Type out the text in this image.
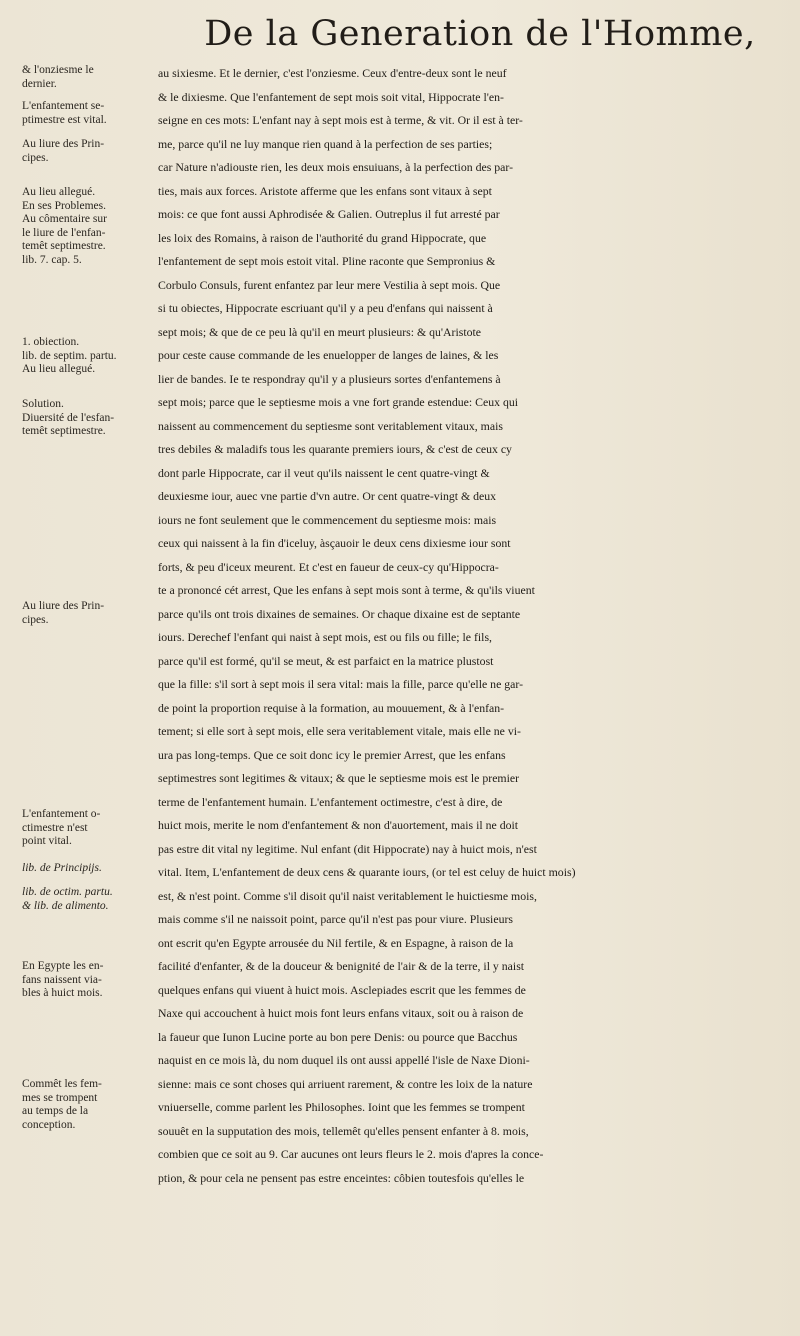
De la Generation de l'Homme,
& l'onziesme le
dernier.
L'enfantement se-
ptimestre est vital.
Au liure des Prin-
cipes.
Au lieu allegué.
En ses Problemes.
Au cômentaire sur
le liure de l'enfan-
temêt septimestre.
lib. 7. cap. 5.
1. obiection.
lib. de septim. partu.
Au lieu allegué.
Solution.
Diuersité de l'esfan-
temêt septimestre.
Au liure des Prin-
cipes.
L'enfantement o-
ctimestre n'est
point vital.
lib. de Principijs.
lib. de octim. partu.
& lib. de alimento.
En Egypte les en-
fans naissent via-
bles à huict mois.
Commêt les fem-
mes se trompent
au temps de la
conception.
au sixiesme. Et le dernier, c'est l'onziesme. Ceux d'entre-deux sont le neuf
& le dixiesme. Que l'enfantement de sept mois soit vital, Hippocrate l'en-
seigne en ces mots: L'enfant nay à sept mois est à terme, & vit. Or il est à ter-
me, parce qu'il ne luy manque rien quand à la perfection de ses parties;
car Nature n'adiouste rien, les deux mois ensuiuans, à la perfection des par-
ties, mais aux forces. Aristote afferme que les enfans sont vitaux à sept
mois: ce que font aussi Aphrodisée & Galien. Outreplus il fut arresté par
les loix des Romains, à raison de l'authorité du grand Hippocrate, que
l'enfantement de sept mois estoit vital. Pline raconte que Sempronius &
Corbulo Consuls, furent enfantez par leur mere Vestilia à sept mois. Que
si tu obiectes, Hippocrate escriuant qu'il y a peu d'enfans qui naissent à
sept mois; & que de ce peu là qu'il en meurt plusieurs: & qu'Aristote
pour ceste cause commande de les enuelopper de langes de laines, & les
lier de bandes. Ie te respondray qu'il y a plusieurs sortes d'enfantemens à
sept mois; parce que le septiesme mois a vne fort grande estendue: Ceux qui
naissent au commencement du septiesme sont veritablement vitaux, mais
tres debiles & maladifs tous les quarante premiers iours, & c'est de ceux cy
dont parle Hippocrate, car il veut qu'ils naissent le cent quatre-vingt &
deuxiesme iour, auec vne partie d'vn autre. Or cent quatre-vingt & deux
iours ne font seulement que le commencement du septiesme mois: mais
ceux qui naissent à la fin d'iceluy, àsçauoir le deux cens dixiesme iour sont
forts, & peu d'iceux meurent. Et c'est en faueur de ceux-cy qu'Hippocra-
te a prononcé cét arrest, Que les enfans à sept mois sont à terme, & qu'ils viuent
parce qu'ils ont trois dixaines de semaines. Or chaque dixaine est de septante
iours. Derechef l'enfant qui naist à sept mois, est ou fils ou fille; le fils,
parce qu'il est formé, qu'il se meut, & est parfaict en la matrice plustost
que la fille: s'il sort à sept mois il sera vital: mais la fille, parce qu'elle ne gar-
de point la proportion requise à la formation, au mouuement, & à l'enfan-
tement; si elle sort à sept mois, elle sera veritablement vitale, mais elle ne vi-
ura pas long-temps. Que ce soit donc icy le premier Arrest, que les enfans
septimestres sont legitimes & vitaux; & que le septiesme mois est le premier
terme de l'enfantement humain. L'enfantement octimestre, c'est à dire, de
huict mois, merite le nom d'enfantement & non d'auortement, mais il ne doit
pas estre dit vital ny legitime. Nul enfant (dit Hippocrate) nay à huict mois, n'est
vital. Item, L'enfantement de deux cens & quarante iours, (or tel est celuy de huict mois)
est, & n'est point. Comme s'il disoit qu'il naist veritablement le huictiesme mois,
mais comme s'il ne naissoit point, parce qu'il n'est pas pour viure. Plusieurs
ont escrit qu'en Egypte arrousée du Nil fertile, & en Espagne, à raison de la
facilité d'enfanter, & de la douceur & benignité de l'air & de la terre, il y naist
quelques enfans qui viuent à huict mois. Asclepiades escrit que les femmes de
Naxe qui accouchent à huict mois font leurs enfans vitaux, soit ou à raison de
la faueur que Iunon Lucine porte au bon pere Denis: ou pource que Bacchus
naquist en ce mois là, du nom duquel ils ont aussi appellé l'isle de Naxe Dioni-
sienne: mais ce sont choses qui arriuent rarement, & contre les loix de la nature
vniuerselle, comme parlent les Philosophes. Ioint que les femmes se trompent
souuêt en la supputation des mois, tellemêt qu'elles pensent enfanter à 8. mois,
combien que ce soit au 9. Car aucunes ont leurs fleurs le 2. mois d'apres la conce-
ption, & pour cela ne pensent pas estre enceintes: côbien toutesfois qu'elles le
